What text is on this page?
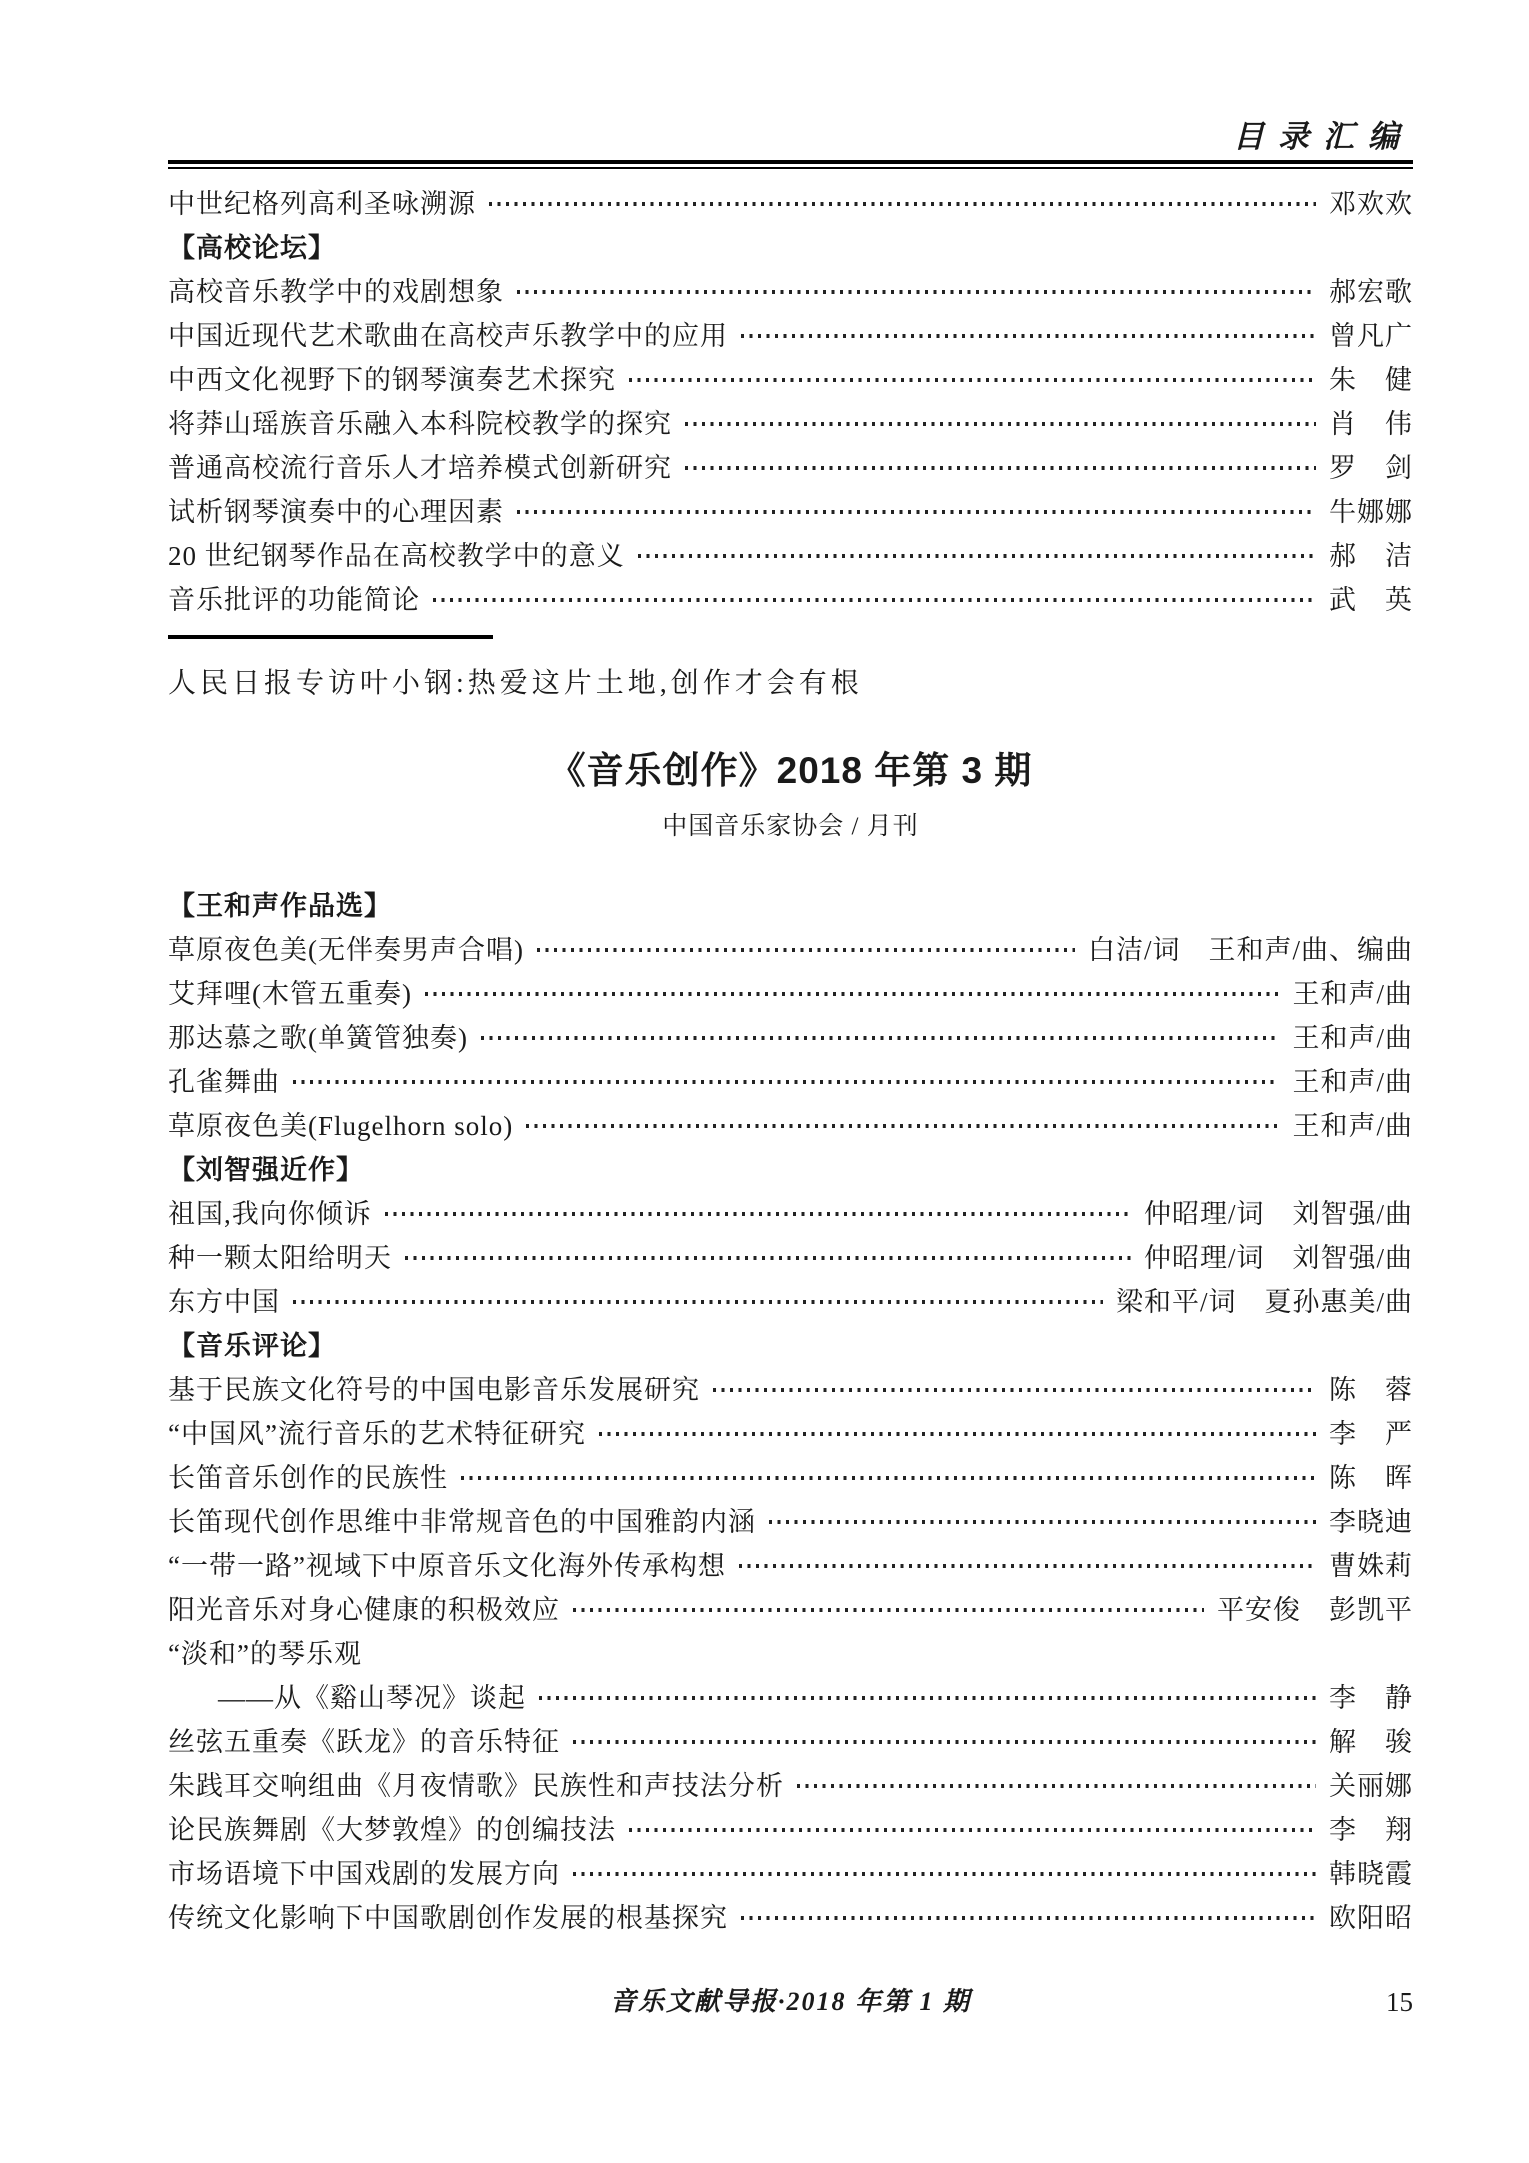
目录汇编
中世纪格列高利圣咏溯源	邓欢欢
【高校论坛】
高校音乐教学中的戏剧想象	郝宏歌
中国近现代艺术歌曲在高校声乐教学中的应用	曾凡广
中西文化视野下的钢琴演奏艺术探究	朱　健
将莽山瑶族音乐融入本科院校教学的探究	肖　伟
普通高校流行音乐人才培养模式创新研究	罗　剑
试析钢琴演奏中的心理因素	牛娜娜
20 世纪钢琴作品在高校教学中的意义	郝　洁
音乐批评的功能简论	武　英
人民日报专访叶小钢:热爱这片土地,创作才会有根
《音乐创作》2018 年第 3 期
中国音乐家协会 / 月刊
【王和声作品选】
草原夜色美(无伴奏男声合唱)	白洁/词　王和声/曲、编曲
艾拜哩(木管五重奏)	王和声/曲
那达慕之歌(单簧管独奏)	王和声/曲
孔雀舞曲	王和声/曲
草原夜色美(Flugelhorn solo)	王和声/曲
【刘智强近作】
祖国,我向你倾诉	仲昭理/词　刘智强/曲
种一颗太阳给明天	仲昭理/词　刘智强/曲
东方中国	梁和平/词　夏孙惠美/曲
【音乐评论】
基于民族文化符号的中国电影音乐发展研究	陈　蓉
“中国风”流行音乐的艺术特征研究	李　严
长笛音乐创作的民族性	陈　晖
长笛现代创作思维中非常规音色的中国雅韵内涵	李晓迪
“一带一路”视域下中原音乐文化海外传承构想	曹姝莉
阳光音乐对身心健康的积极效应	平安俊　彭凯平
“淡和”的琴乐观
——从《谿山琴况》谈起	李　静
丝弦五重奏《跃龙》的音乐特征	解　骏
朱践耳交响组曲《月夜情歌》民族性和声技法分析	关丽娜
论民族舞剧《大梦敦煌》的创编技法	李　翔
市场语境下中国戏剧的发展方向	韩晓霞
传统文化影响下中国歌剧创作发展的根基探究	欧阳昭
音乐文献导报·2018 年第 1 期	15
